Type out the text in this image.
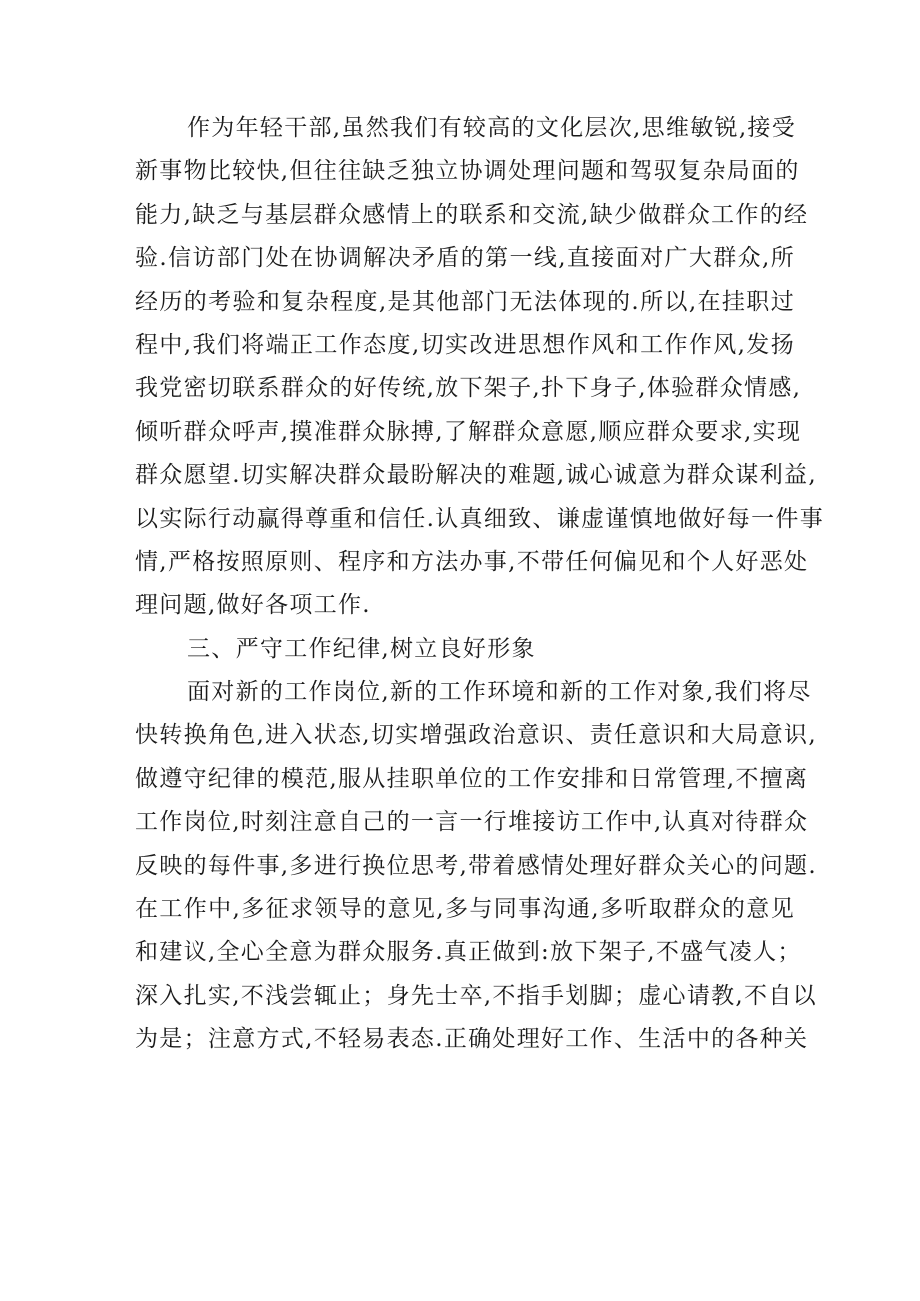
作为年轻干部,虽然我们有较高的文化层次,思维敏锐,接受
新事物比较快,但往往缺乏独立协调处理问题和驾驭复杂局面的
能力,缺乏与基层群众感情上的联系和交流,缺少做群众工作的经
验.信访部门处在协调解决矛盾的第一线,直接面对广大群众,所
经历的考验和复杂程度,是其他部门无法体现的.所以,在挂职过
程中,我们将端正工作态度,切实改进思想作风和工作作风,发扬
我党密切联系群众的好传统,放下架子,扑下身子,体验群众情感,
倾听群众呼声,摸准群众脉搏,了解群众意愿,顺应群众要求,实现
群众愿望.切实解决群众最盼解决的难题,诚心诚意为群众谋利益,
以实际行动赢得尊重和信任.认真细致、谦虚谨慎地做好每一件事
情,严格按照原则、程序和方法办事,不带任何偏见和个人好恶处
理问题,做好各项工作.
三、严守工作纪律,树立良好形象
面对新的工作岗位,新的工作环境和新的工作对象,我们将尽
快转换角色,进入状态,切实增强政治意识、责任意识和大局意识,
做遵守纪律的模范,服从挂职单位的工作安排和日常管理,不擅离
工作岗位,时刻注意自己的一言一行堆接访工作中,认真对待群众
反映的每件事,多进行换位思考,带着感情处理好群众关心的问题.
在工作中,多征求领导的意见,多与同事沟通,多听取群众的意见
和建议,全心全意为群众服务.真正做到:放下架子,不盛气凌人；
深入扎实,不浅尝辄止；身先士卒,不指手划脚；虚心请教,不自以
为是；注意方式,不轻易表态.正确处理好工作、生活中的各种关
